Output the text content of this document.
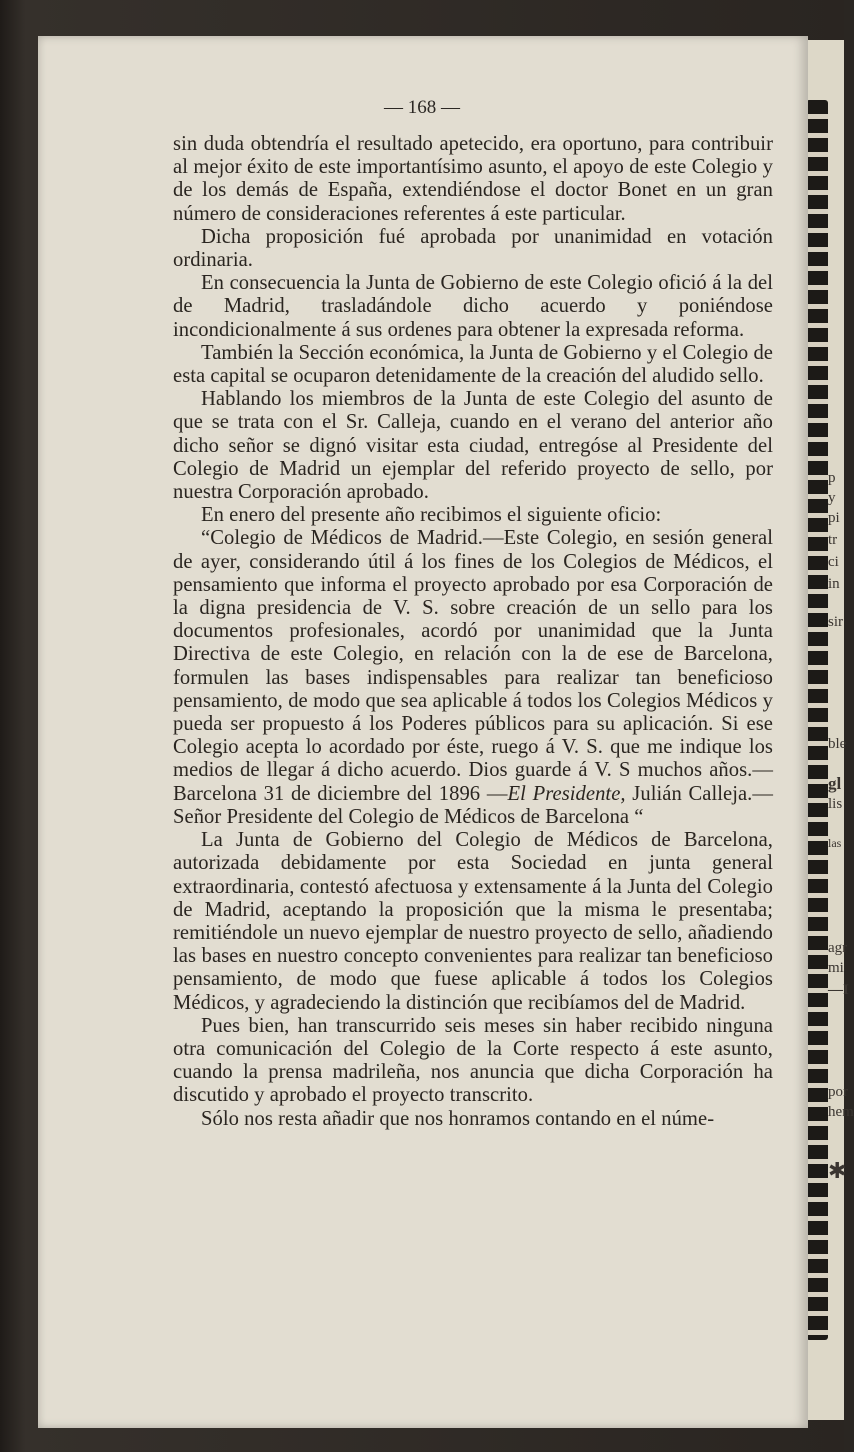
p
y
pi
tr
ci
in
sir
ble
gl
lis
las
agr
mi
—I
por
hem
✱
— 168 —

sin duda obtendría el resultado apetecido, era oportuno, para contribuir al mejor éxito de este importantísimo asunto, el apoyo de este Colegio y de los demás de España, extendiéndose el doctor Bonet en un gran número de consideraciones referentes á este particular.

Dicha proposición fué aprobada por unanimidad en votación ordinaria.

En consecuencia la Junta de Gobierno de este Colegio ofició á la del de Madrid, trasladándole dicho acuerdo y poniéndose incondicionalmente á sus ordenes para obtener la expresada reforma.

También la Sección económica, la Junta de Gobierno y el Colegio de esta capital se ocuparon detenidamente de la creación del aludido sello.

Hablando los miembros de la Junta de este Colegio del asunto de que se trata con el Sr. Calleja, cuando en el verano del anterior año dicho señor se dignó visitar esta ciudad, entregóse al Presidente del Colegio de Madrid un ejemplar del referido proyecto de sello, por nuestra Corporación aprobado.

En enero del presente año recibimos el siguiente oficio:

“Colegio de Médicos de Madrid.—Este Colegio, en sesión general de ayer, considerando útil á los fines de los Colegios de Médicos, el pensamiento que informa el proyecto aprobado por esa Corporación de la digna presidencia de V. S. sobre creación de un sello para los documentos profesionales, acordó por unanimidad que la Junta Directiva de este Colegio, en relación con la de ese de Barcelona, formulen las bases indispensables para realizar tan beneficioso pensamiento, de modo que sea aplicable á todos los Colegios Médicos y pueda ser propuesto á los Poderes públicos para su aplicación. Si ese Colegio acepta lo acordado por éste, ruego á V. S. que me indique los medios de llegar á dicho acuerdo. Dios guarde á V. S muchos años.—Barcelona 31 de diciembre del 1896 —El Presidente, Julián Calleja.—Señor Presidente del Colegio de Médicos de Barcelona “

La Junta de Gobierno del Colegio de Médicos de Barcelona, autorizada debidamente por esta Sociedad en junta general extraordinaria, contestó afectuosa y extensamente á la Junta del Colegio de Madrid, aceptando la proposición que la misma le presentaba; remitiéndole un nuevo ejemplar de nuestro proyecto de sello, añadiendo las bases en nuestro concepto convenientes para realizar tan beneficioso pensamiento, de modo que fuese aplicable á todos los Colegios Médicos, y agradeciendo la distinción que recibíamos del de Madrid.

Pues bien, han transcurrido seis meses sin haber recibido ninguna otra comunicación del Colegio de la Corte respecto á este asunto, cuando la prensa madrileña, nos anuncia que dicha Corporación ha discutido y aprobado el proyecto transcrito.

Sólo nos resta añadir que nos honramos contando en el núme-
